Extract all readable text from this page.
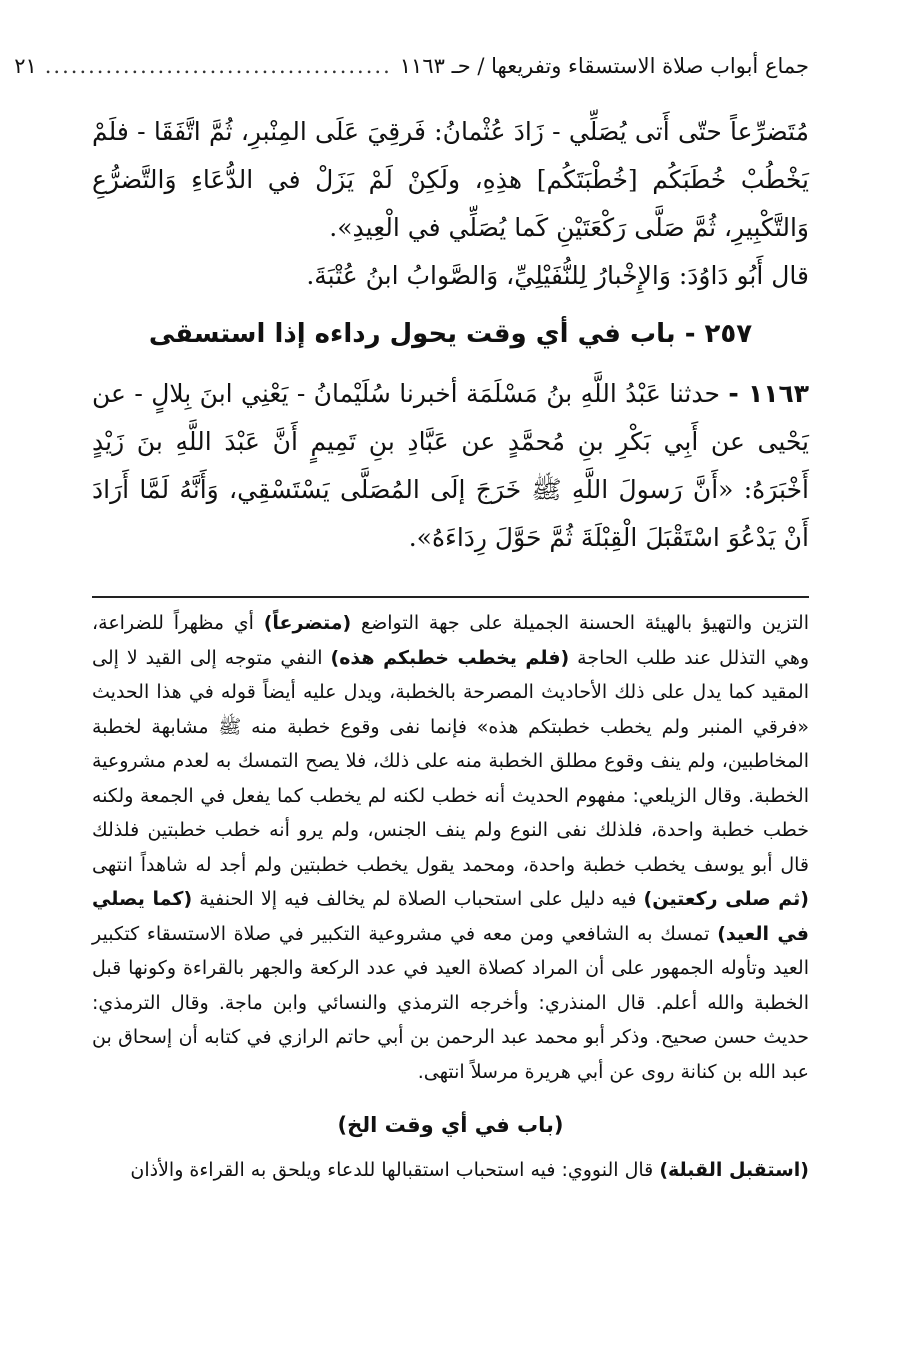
جماع أبواب صلاة الاستسقاء وتفريعها / حـ ١١٦٣
........................................
٢١

مُتَضرِّعاً حتّى أَتى يُصَلِّي - زَادَ عُثْمانُ: فَرقِيَ عَلَى المِنْبرِ، ثُمَّ اتَّفَقَا - فلَمْ يَخْطُبْ خُطَبَكُم [خُطْبَتَكُم] هذِهِ، ولَكِنْ لَمْ يَزَلْ في الدُّعَاءِ وَالتَّضرُّعِ وَالتَّكْبِيرِ، ثُمَّ صَلَّى رَكْعَتَيْنِ كَما يُصَلِّي في الْعِيدِ».

قال أَبُو دَاوُدَ: وَالإِخْبارُ لِلنُّفَيْلِيِّ، وَالصَّوابُ ابنُ عُتْبَةَ.

٢٥٧ - باب في أي وقت يحول رداءه إذا استسقى

١١٦٣ - حدثنا عَبْدُ اللَّهِ بنُ مَسْلَمَة أخبرنا سُلَيْمانُ - يَعْنِي ابنَ بِلالٍ - عن يَحْيى عن أَبِي بَكْرِ بنِ مُحمَّدٍ عن عَبَّادِ بنِ تَمِيمٍ أَنَّ عَبْدَ اللَّهِ بنَ زَيْدٍ أَخْبَرَهُ: «أَنَّ رَسولَ اللَّهِ ﷺ خَرَجَ إلَى المُصَلَّى يَسْتَسْقِي، وَأَنَّهُ لَمَّا أَرَادَ أَنْ يَدْعُوَ اسْتَقْبَلَ الْقِبْلَةَ ثُمَّ حَوَّلَ رِدَاءَهُ».

التزين والتهيؤ بالهيئة الحسنة الجميلة على جهة التواضع (متضرعاً) أي مظهراً للضراعة، وهي التذلل عند طلب الحاجة (فلم يخطب خطبكم هذه) النفي متوجه إلى القيد لا إلى المقيد كما يدل على ذلك الأحاديث المصرحة بالخطبة، ويدل عليه أيضاً قوله في هذا الحديث «فرقي المنبر ولم يخطب خطبتكم هذه» فإنما نفى وقوع خطبة منه ﷺ مشابهة لخطبة المخاطبين، ولم ينف وقوع مطلق الخطبة منه على ذلك، فلا يصح التمسك به لعدم مشروعية الخطبة. وقال الزيلعي: مفهوم الحديث أنه خطب لكنه لم يخطب كما يفعل في الجمعة ولكنه خطب خطبة واحدة، فلذلك نفى النوع ولم ينف الجنس، ولم يرو أنه خطب خطبتين فلذلك قال أبو يوسف يخطب خطبة واحدة، ومحمد يقول يخطب خطبتين ولم أجد له شاهداً انتهى (ثم صلى ركعتين) فيه دليل على استحباب الصلاة لم يخالف فيه إلا الحنفية (كما يصلي في العيد) تمسك به الشافعي ومن معه في مشروعية التكبير في صلاة الاستسقاء كتكبير العيد وتأوله الجمهور على أن المراد كصلاة العيد في عدد الركعة والجهر بالقراءة وكونها قبل الخطبة والله أعلم. قال المنذري: وأخرجه الترمذي والنسائي وابن ماجة. وقال الترمذي: حديث حسن صحيح. وذكر أبو محمد عبد الرحمن بن أبي حاتم الرازي في كتابه أن إسحاق بن عبد الله بن كنانة روى عن أبي هريرة مرسلاً انتهى.

(باب في أي وقت الخ)

(استقبل القبلة) قال النووي: فيه استحباب استقبالها للدعاء ويلحق به القراءة والأذان
